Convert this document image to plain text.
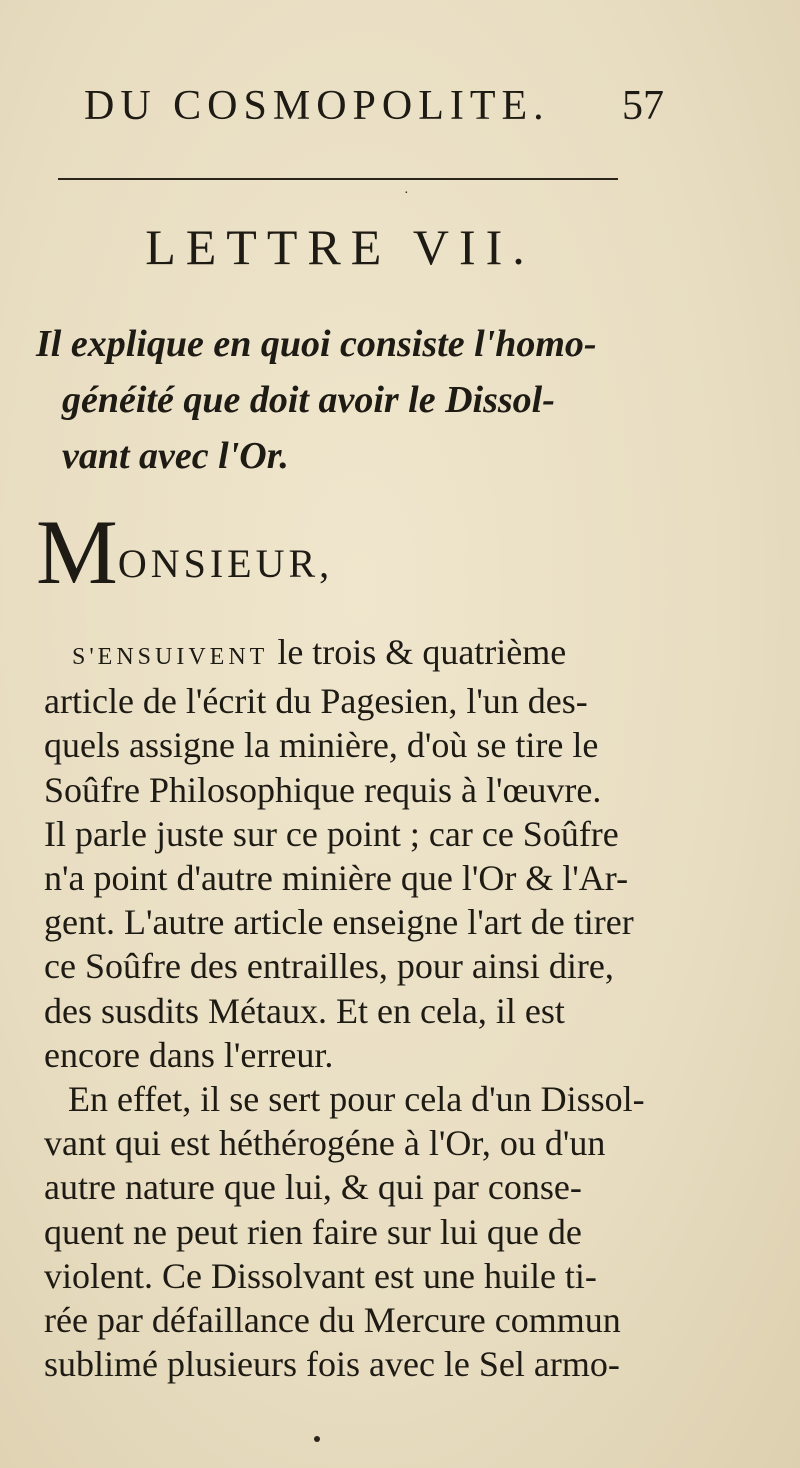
DU COSMOPOLITE. 57
·
LETTRE VII.
Il explique en quoi consiste l'homo-
généité que doit avoir le Dissol-
vant avec l'Or.
MONSIEUR,
S'ENSUIVENT le trois & quatrième
article de l'écrit du Pagesien, l'un des-
quels assigne la minière, d'où se tire le
Soûfre Philosophique requis à l'œuvre.
Il parle juste sur ce point ; car ce Soûfre
n'a point d'autre minière que l'Or & l'Ar-
gent. L'autre article enseigne l'art de tirer
ce Soûfre des entrailles, pour ainsi dire,
des susdits Métaux. Et en cela, il est
encore dans l'erreur.
En effet, il se sert pour cela d'un Dissol-
vant qui est héthérogéne à l'Or, ou d'un
autre nature que lui, & qui par conse-
quent ne peut rien faire sur lui que de
violent. Ce Dissolvant est une huile ti-
rée par défaillance du Mercure commun
sublimé plusieurs fois avec le Sel armo-
